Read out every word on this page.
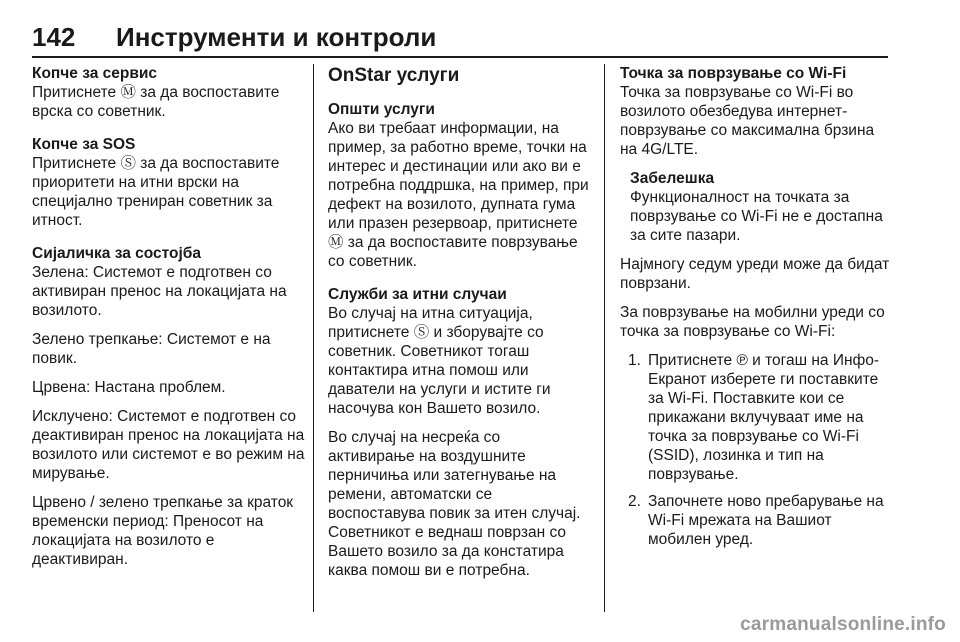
142 Инструменти и контроли

Копче за сервис

Притиснете Ⓜ за да воспоставите врска со советник.

Копче за SOS

Притиснете Ⓢ за да воспоставите приоритети на итни врски на специјално трениран советник за итност.

Сијаличка за состојба

Зелена: Системот е подготвен со активиран пренос на локацијата на возилото.

Зелено трепкање: Системот е на повик.

Црвена: Настана проблем.

Исклучено: Системот е подготвен со деактивиран пренос на локацијата на возилото или системот е во режим на мирување.

Црвено / зелено трепкање за краток временски период: Преносот на локацијата на возилото е деактивиран.

OnStar услуги

Општи услуги

Ако ви требаат информации, на пример, за работно време, точки на интерес и дестинации или ако ви е потребна поддршка, на пример, при дефект на возилото, дупната гума или празен резервоар, притиснете Ⓜ за да воспоставите поврзување со советник.

Служби за итни случаи

Во случај на итна ситуација, притиснете Ⓢ и зборувајте со советник. Советникот тогаш контактира итна помош или даватели на услуги и истите ги насочува кон Вашето возило.

Во случај на несреќа со активирање на воздушните перничиња или затегнување на ремени, автоматски се воспоставува повик за итен случај. Советникот е веднаш поврзан со Вашето возило за да констатира каква помош ви е потребна.

Точка за поврзување со Wi-Fi

Точка за поврзување со Wi-Fi во возилото обезбедува интернет-поврзување со максимална брзина на 4G/LTE.

Забелешка

Функционалност на точката за поврзување со Wi-Fi не е достапна за сите пазари.

Најмногу седум уреди може да бидат поврзани.

За поврзување на мобилни уреди со точка за поврзување со Wi-Fi:

1. Притиснете ℗ и тогаш на Инфо-Екранот изберете ги поставките за Wi-Fi. Поставките кои се прикажани вклучуваат име на точка за поврзување со Wi-Fi (SSID), лозинка и тип на поврзување.
2. Започнете ново пребарување на Wi-Fi мрежата на Вашиот мобилен уред.
carmanualsonline.info
